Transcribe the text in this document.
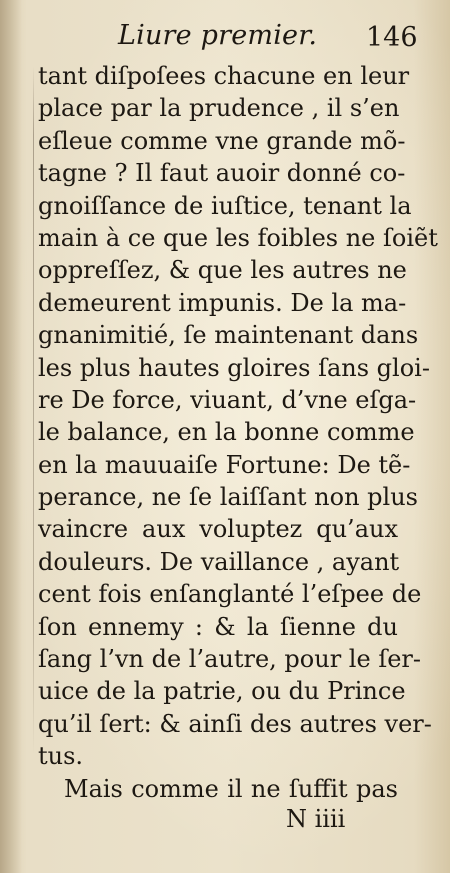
Liure premier. 146
tant diſpoſees chacune en leur
place par la prudence , il s’en
eſleue comme vne grande mõ-
tagne ? Il faut auoir donné co-
gnoiſſance de iuſtice, tenant la
main à ce que les foibles ne ſoiẽt
oppreſſez, & que les autres ne
demeurent impunis. De la ma-
gnanimitié, ſe maintenant dans
les plus hautes gloires ſans gloi-
re De force, viuant, d’vne eſga-
le balance, en la bonne comme
en la mauuaiſe Fortune: De tẽ-
perance, ne ſe laiſſant non plus
vaincre aux voluptez qu’aux
douleurs. De vaillance , ayant
cent fois enſanglanté l’eſpee de
ſon ennemy : & la ſienne du
ſang l’vn de l’autre, pour le ſer-
uice de la patrie, ou du Prince
qu’il ſert: & ainſi des autres ver-
tus.
Mais comme il ne ſuffit pas
N iiii
